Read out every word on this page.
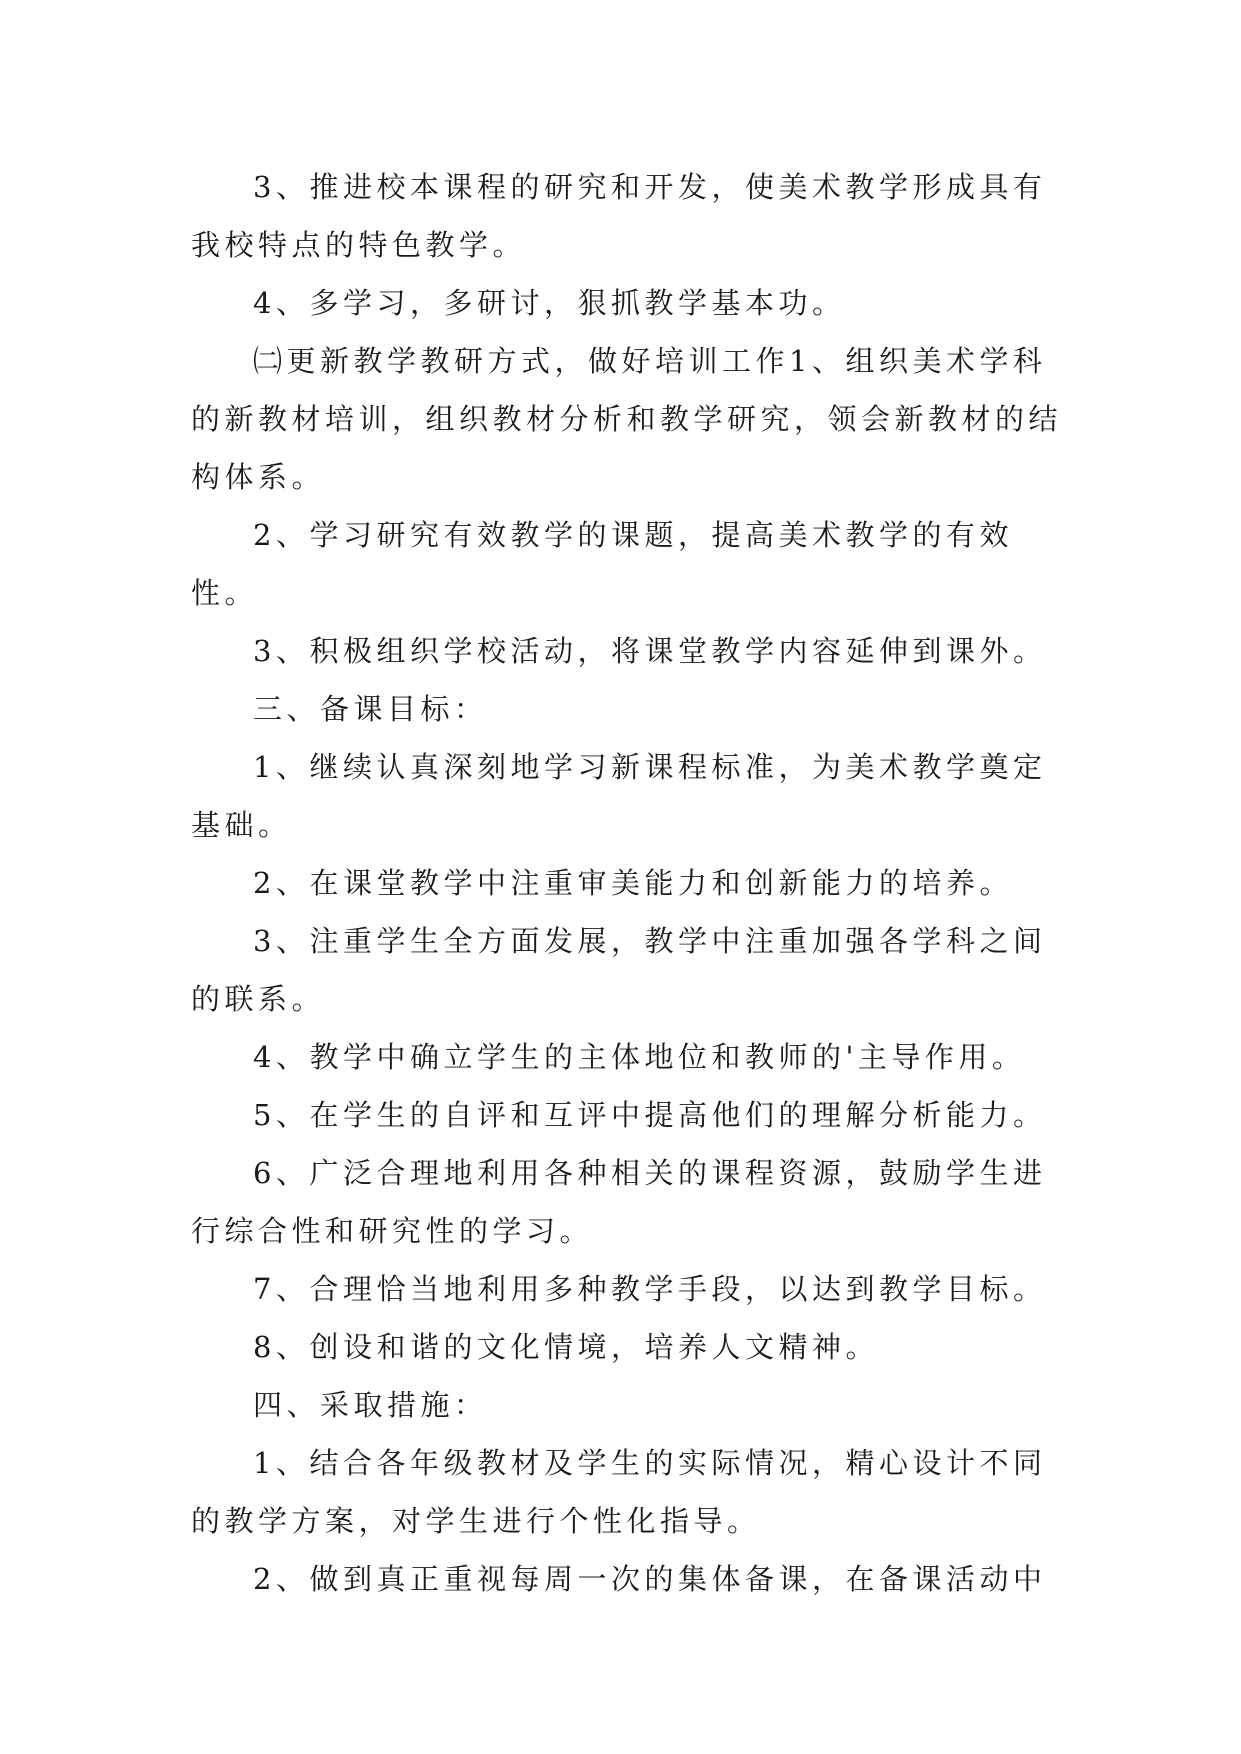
3、推进校本课程的研究和开发，使美术教学形成具有我校特点的特色教学。

4、多学习，多研讨，狠抓教学基本功。

㈡更新教学教研方式，做好培训工作1、组织美术学科的新教材培训，组织教材分析和教学研究，领会新教材的结构体系。

2、学习研究有效教学的课题，提高美术教学的有效性。

3、积极组织学校活动，将课堂教学内容延伸到课外。

三、备课目标：

1、继续认真深刻地学习新课程标准，为美术教学奠定基础。

2、在课堂教学中注重审美能力和创新能力的培养。

3、注重学生全方面发展，教学中注重加强各学科之间的联系。

4、教学中确立学生的主体地位和教师的'主导作用。

5、在学生的自评和互评中提高他们的理解分析能力。

6、广泛合理地利用各种相关的课程资源，鼓励学生进行综合性和研究性的学习。

7、合理恰当地利用多种教学手段，以达到教学目标。

8、创设和谐的文化情境，培养人文精神。

四、采取措施：

1、结合各年级教材及学生的实际情况，精心设计不同的教学方案，对学生进行个性化指导。

2、做到真正重视每周一次的集体备课，在备课活动中
